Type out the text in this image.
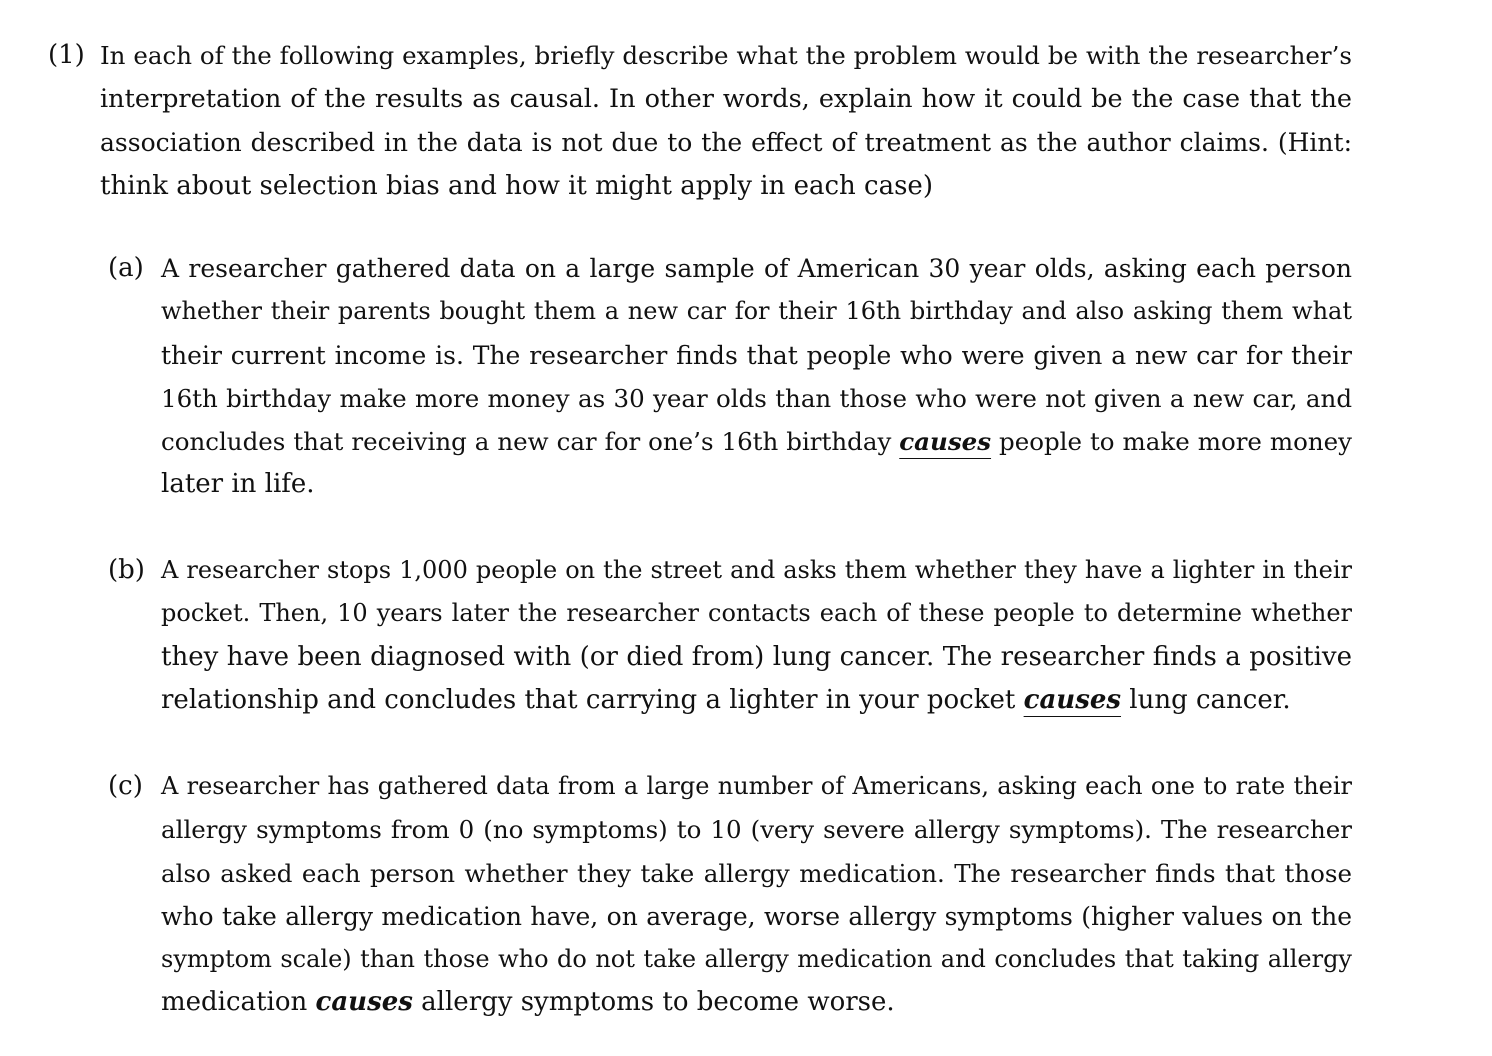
(1) In each of the following examples, briefly describe what the problem would be with the researcher’s
interpretation of the results as causal. In other words, explain how it could be the case that the
association described in the data is not due to the effect of treatment as the author claims. (Hint:
think about selection bias and how it might apply in each case)
(a) A researcher gathered data on a large sample of American 30 year olds, asking each person
whether their parents bought them a new car for their 16th birthday and also asking them what
their current income is. The researcher finds that people who were given a new car for their
16th birthday make more money as 30 year olds than those who were not given a new car, and
concludes that receiving a new car for one’s 16th birthday causes people to make more money
later in life.
(b) A researcher stops 1,000 people on the street and asks them whether they have a lighter in their
pocket. Then, 10 years later the researcher contacts each of these people to determine whether
they have been diagnosed with (or died from) lung cancer. The researcher finds a positive
relationship and concludes that carrying a lighter in your pocket causes lung cancer.
(c) A researcher has gathered data from a large number of Americans, asking each one to rate their
allergy symptoms from 0 (no symptoms) to 10 (very severe allergy symptoms). The researcher
also asked each person whether they take allergy medication. The researcher finds that those
who take allergy medication have, on average, worse allergy symptoms (higher values on the
symptom scale) than those who do not take allergy medication and concludes that taking allergy
medication causes allergy symptoms to become worse.
